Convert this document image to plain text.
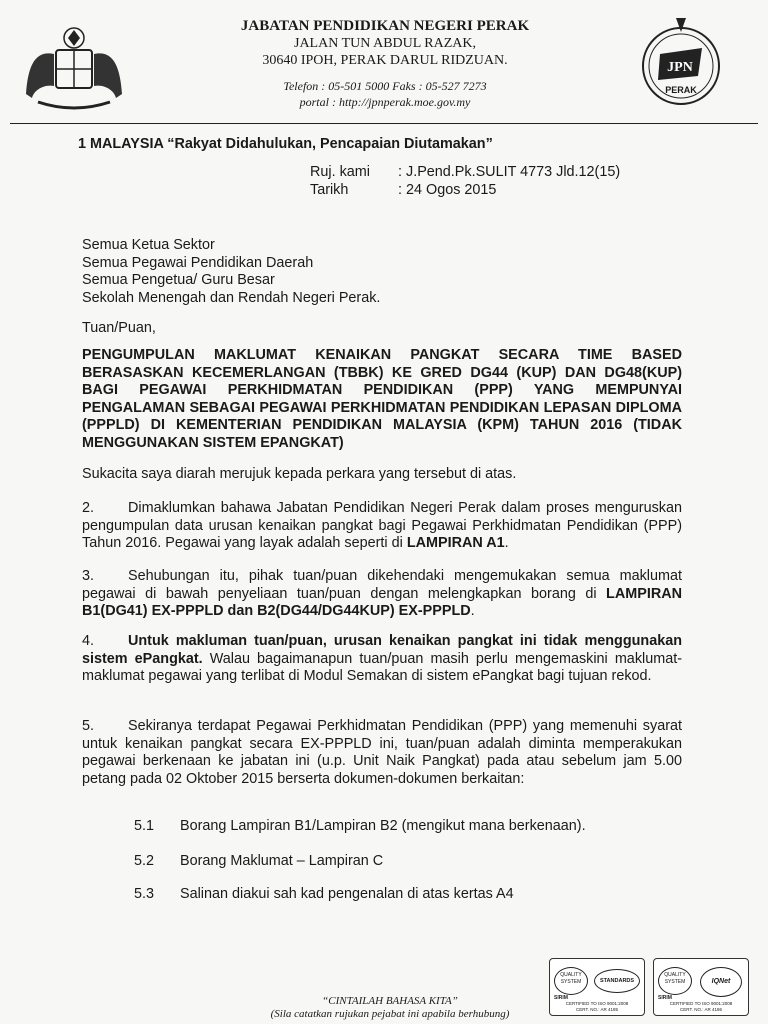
JPN
PERAK
JABATAN PENDIDIKAN NEGERI PERAK
JALAN TUN ABDUL RAZAK,
30640 IPOH, PERAK DARUL RIDZUAN.
Telefon : 05-501 5000 Faks : 05-527 7273
portal : http://jpnperak.moe.gov.my
1 MALAYSIA “Rakyat Didahulukan, Pencapaian Diutamakan”
Ruj. kami : J.Pend.Pk.SULIT 4773 Jld.12(15)
Tarikh	: 24 Ogos 2015
Semua Ketua Sektor
Semua Pegawai Pendidikan Daerah
Semua Pengetua/ Guru Besar
Sekolah Menengah dan Rendah Negeri Perak.
Tuan/Puan,
PENGUMPULAN MAKLUMAT KENAIKAN PANGKAT SECARA TIME BASED BERASASKAN KECEMERLANGAN (TBBK) KE GRED DG44 (KUP) DAN DG48(KUP) BAGI PEGAWAI PERKHIDMATAN PENDIDIKAN (PPP) YANG MEMPUNYAI PENGALAMAN SEBAGAI PEGAWAI PERKHIDMATAN PENDIDIKAN LEPASAN DIPLOMA (PPPLD) DI KEMENTERIAN PENDIDIKAN MALAYSIA (KPM) TAHUN 2016 (TIDAK MENGGUNAKAN SISTEM EPANGKAT)
Sukacita saya diarah merujuk kepada perkara yang tersebut di atas.
2. Dimaklumkan bahawa Jabatan Pendidikan Negeri Perak dalam proses menguruskan pengumpulan data urusan kenaikan pangkat bagi Pegawai Perkhidmatan Pendidikan (PPP) Tahun 2016. Pegawai yang layak adalah seperti di LAMPIRAN A1.
3. Sehubungan itu, pihak tuan/puan dikehendaki mengemukakan semua maklumat pegawai di bawah penyeliaan tuan/puan dengan melengkapkan borang di LAMPIRAN B1(DG41) EX-PPPLD dan B2(DG44/DG44KUP) EX-PPPLD.
4. Untuk makluman tuan/puan, urusan kenaikan pangkat ini tidak menggunakan sistem ePangkat. Walau bagaimanapun tuan/puan masih perlu mengemaskini maklumat-maklumat pegawai yang terlibat di Modul Semakan di sistem ePangkat bagi tujuan rekod.
5. Sekiranya terdapat Pegawai Perkhidmatan Pendidikan (PPP) yang memenuhi syarat untuk kenaikan pangkat secara EX-PPPLD ini, tuan/puan adalah diminta memperakukan pegawai berkenaan ke jabatan ini (u.p. Unit Naik Pangkat) pada atau sebelum jam 5.00 petang pada 02 Oktober 2015 berserta dokumen-dokumen berkaitan:
5.1 Borang Lampiran B1/Lampiran B2 (mengikut mana berkenaan).
5.2 Borang Maklumat – Lampiran C
5.3 Salinan diakui sah kad pengenalan di atas kertas A4
QUALITY SYSTEM	STANDARDS
SIRIM
CERTIFIED TO ISO 9001:2008
CERT. NO.: AR 4185
QUALITY SYSTEM	IQNet
SIRIM
CERTIFIED TO ISO 9001:2008
CERT. NO.: AR 4186
“CINTAILAH BAHASA KITA”
(Sila catatkan rujukan pejabat ini apabila berhubung)
